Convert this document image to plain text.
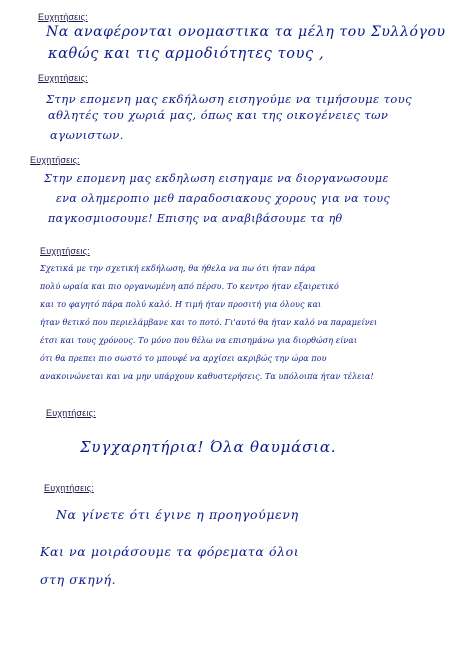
Ευχητήσεις:
Να αναφέρονται ονομαστικα τα μέλη του Συλλόγου
καθώς και τις αρμοδιότητες τους ,
Ευχητήσεις:
Στην επομενη μας εκδήλωση εισηγούμε να τιμήσουμε τους
αθλητές του χωριά μας, όπως και της οικογένειες των
αγωνιστων.
Ευχητήσεις:
Στην επομενη μας εκδηλωση εισηγαμε να διοργανωσουμε
ενα ολημεροπιο μεθ παραδοσιακους χορους για να τους
παγκοσμιοσουμε! Επισης να αναβιβάσουμε τα ηθ
Ευχητήσεις:
Σχετικά με την σχετική εκδήλωση, θα ήθελα να πω ότι ήταν πάρα
πολύ ωραία και πιο οργανωμένη από πέρσυ. Το κεντρο ήταν εξαιρετικό
και το φαγητό πάρα πολύ καλό. Η τιμή ήταν προσιτή για όλους και
ήταν θετικό που περιελάμβανε και το ποτό. Γι'αυτό θα ήταν καλό να παραμείνει
έτσι και τους χρόνους. Το μόνο που θέλω να επισημάνω για διορθώση είναι
ότι θα πρεπει πιο σωστό το μπουφέ να αρχίσει ακριβώς την ώρα που
ανακοινώνεται και να μην υπάρχουν καθυστερήσεις. Τα υπόλοιπα ήταν τέλεια!
Ευχητήσεις:
Συγχαρητήρια! Όλα θαυμάσια.
Ευχητήσεις:
Να γίνετε ότι έγινε η προηγούμενη
Και να μοιράσουμε τα φόρεματα όλοι
στη σκηνή.
